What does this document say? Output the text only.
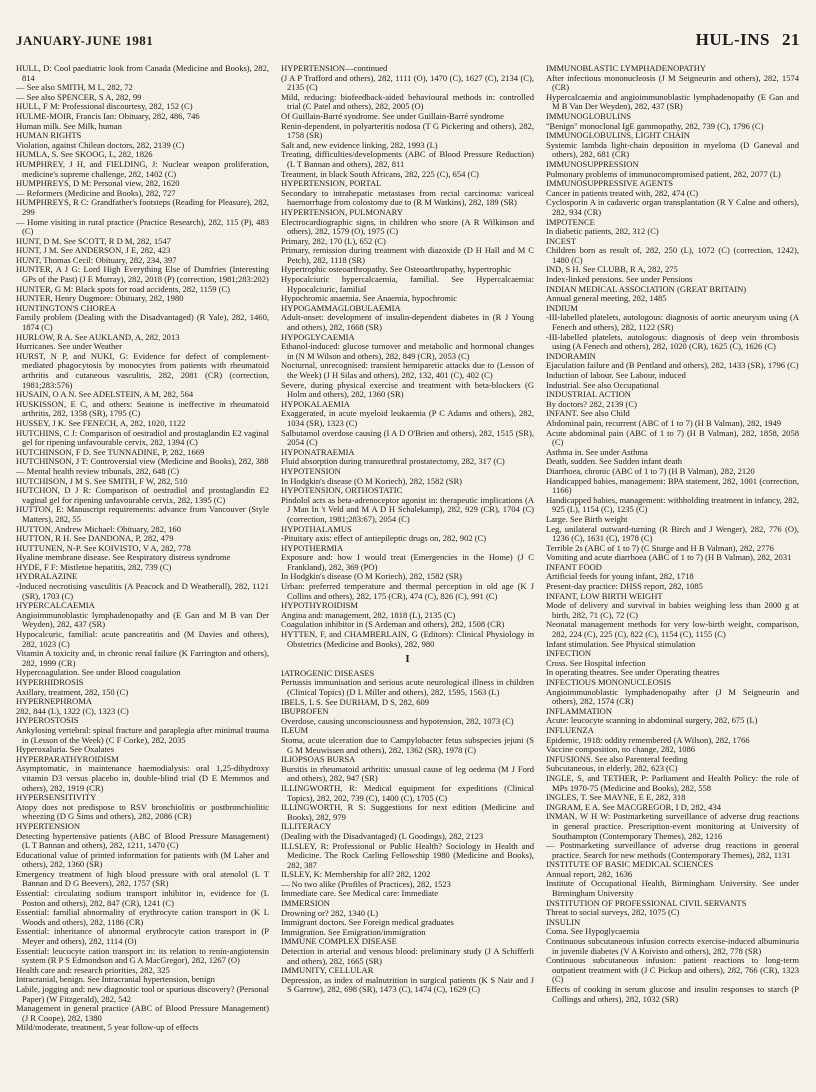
JANUARY-JUNE 1981	HUL-INS 21
HULL, D: Cool paediatric look from Canada (Medicine and Books), 282, 814
— See also SMITH, M L, 282, 72
— See also SPENCER, S A, 282, 99
HULL, F M: Professional discourtesy, 282, 152 (C)
HULME-MOIR, Francis Ian: Obituary, 282, 486, 746
Human milk. See Milk, human
HUMAN RIGHTS
Violation, against Chilean doctors, 282, 2139 (C)
HUMLA, S. See SKOOG, L, 282, 1826
HUMPHREY, J H, and FIELDING, J: Nuclear weapon proliferation, medicine's supreme challenge, 282, 1402 (C)
HUMPHREYS, D M: Personal view, 282, 1620
— Reformers (Medicine and Books), 282, 727
HUMPHREYS, R C: Grandfather's footsteps (Reading for Pleasure), 282, 299
— Home visiting in rural practice (Practice Research), 282, 115 (P), 483 (C)
HUNT, D M. See SCOTT, R D M, 282, 1547
HUNT, J M. See ANDERSON, J E, 282, 423
HUNT, Thomas Cecil: Obituary, 282, 234, 397
HUNTER, A J G: Lord High Everything Else of Dumfries (Interesting GPs of the Past) (J E Murray), 282, 2018 (P) (correction, 1981;283:202)
HUNTER, G M: Black spots for road accidents, 282, 1159 (C)
HUNTER, Henry Dugmore: Obituary, 282, 1980
HUNTINGTON'S CHOREA
Family problem (Dealing with the Disadvantaged) (R Yale), 282, 1460, 1874 (C)
HURLOW, R A. See AUKLAND, A, 282, 2013
Hurricanes. See under Weather
HURST, N P, and NUKI, G: Evidence for defect of complement-mediated phagocytosis by monocytes from patients with rheumatoid arthritis and cutaneous vasculitis, 282, 2081 (CR) (correction, 1981;283:576)
HUSAIN, O A N. See ADELSTEIN, A M, 282, 564
HUSKISSON, E C, and others: Seatone is ineffective in rheumatoid arthritis, 282, 1358 (SR), 1795 (C)
HUSSEY, J K. See FENECH, A, 282, 1020, 1122
HUTCHINS, C J: Comparison of oestradiol and prostaglandin E2 vaginal gel for ripening unfavourable cervix, 282, 1394 (C)
HUTCHINSON, F D. See TUNNADINE, P, 282, 1669
HUTCHINSON, J T: Controversial view (Medicine and Books), 282, 388
— Mental health review tribunals, 282, 648 (C)
HUTCHISON, J M S. See SMITH, F W, 282, 510
HUTCHON, D J R: Comparison of oestradiol and prostaglandin E2 vaginal gel for ripening unfavourable cervix, 282, 1395 (C)
HUTTON, E: Manuscript requirements: advance from Vancouver (Style Matters), 282, 55
HUTTON, Andrew Michael: Obituary, 282, 160
HUTTON, R H. See DANDONA, P, 282, 479
HUTTUNEN, N-P. See KOIVISTO, V A, 282, 778
Hyaline membrane disease. See Respiratory distress syndrome
HYDE, F F: Mistletoe hepatitis, 282, 739 (C)
HYDRALAZINE
-Induced necrotising vasculitis (A Peacock and D Weatherall), 282, 1121 (SR), 1703 (C)
HYPERCALCAEMIA
Angioimmunoblastic lymphadenopathy and (E Gan and M B van Der Weyden), 282, 437 (SR)
Hypocalcuric, familial: acute pancreatitis and (M Davies and others), 282, 1023 (C)
Vitamin A toxicity and, in chronic renal failure (K Farrington and others), 282, 1999 (CR)
Hypercoagulation. See under Blood coagulation
HYPERHIDROSIS
Axillary, treatment, 282, 150 (C)
HYPERNEPHROMA
282, 844 (L), 1322 (C), 1323 (C)
HYPEROSTOSIS
Ankylosing vertebral: spinal fracture and paraplegia after minimal trauma in (Lesson of the Week) (C F Corke), 282, 2035
Hyperoxaluria. See Oxalates
HYPERPARATHYROIDISM
Asymptomatic, in maintenance haemodialysis: oral 1,25-dihydroxy vitamin D3 versus placebo in, double-blind trial (D E Memmos and others), 282, 1919 (CR)
HYPERSENSITIVITY
Atopy does not predispose to RSV bronchiolitis or postbronchiolitic wheezing (D G Sims and others), 282, 2086 (CR)
HYPERTENSION
Detecting hypertensive patients (ABC of Blood Pressure Management) (L T Bannan and others), 282, 1211, 1470 (C)
Educational value of printed information for patients with (M Laher and others), 282, 1360 (SR)
Emergency treatment of high blood pressure with oral atenolol (L T Bannan and D G Beevers), 282, 1757 (SR)
Essential: circulating sodium transport inhibitor in, evidence for (L Poston and others), 282, 847 (CR), 1241 (C)
Essential: familial abnormality of erythrocyte cation transport in (K L Woods and others), 282, 1186 (CR)
Essential: inheritance of abnormal erythrocyte cation transport in (P Meyer and others), 282, 1114 (O)
Essential: leucocyte cation transport in: its relation to renin-angiotensin system (R P S Edmondson and G A MacGregor), 282, 1267 (O)
Health care and: research priorities, 282, 325
Intracranial, benign. See Intracranial hypertension, benign
Labile, jogging and: new diagnostic tool or spurious discovery? (Personal Paper) (W Fitzgerald), 282, 542
Management in general practice (ABC of Blood Pressure Management) (J R Coope), 282, 1380
Mild/moderate, treatment, 5 year follow-up of effects
HYPERTENSION—continued
(J A P Trafford and others), 282, 1111 (O), 1470 (C), 1627 (C), 2134 (C), 2135 (C)
Mild, reducing: biofeedback-aided behavioural methods in: controlled trial (C Patel and others), 282, 2005 (O)
Of Guillain-Barré syndrome. See under Guillain-Barré syndrome
Renin-dependent, in polyarteritis nodosa (T G Pickering and others), 282, 1758 (SR)
Salt and, new evidence linking, 282, 1993 (L)
Treating, difficulties/developments (ABC of Blood Pressure Reduction) (L T Bannan and others), 282, 811
Treatment, in black South Africans, 282, 225 (C), 654 (C)
HYPERTENSION, PORTAL
Secondary to intrahepatic metastases from rectal carcinoma: variceal haemorrhage from colostomy due to (R M Watkins), 282, 189 (SR)
HYPERTENSION, PULMONARY
Electrocardiographic signs, in children who snore (A R Wilkinson and others), 282, 1579 (O), 1975 (C)
Primary, 282, 170 (L), 652 (C)
Primary, remission during treatment with diazoxide (D H Hall and M C Petch), 282, 1118 (SR)
Hypertrophic osteoarthropathy. See Osteoarthropathy, hypertrophic
Hypocalciuric hypercalcaemia, familial. See Hypercalcaemia: Hypocalciuric, familial
Hypochromic anaemia. See Anaemia, hypochromic
HYPOGAMMAGLOBULAEMIA
Adult-onset: development of insulin-dependent diabetes in (R J Young and others), 282, 1668 (SR)
HYPOGLYCAEMIA
Ethanol-induced: glucose turnover and metabolic and hormonal changes in (N M Wilson and others), 282, 849 (CR), 2053 (C)
Nocturnal, unrecognised: transient hemiparetic attacks due to (Lesson of the Week) (J H Silas and others), 282, 132, 401 (C), 402 (C)
Severe, during physical exercise and treatment with beta-blockers (G Holm and others), 282, 1360 (SR)
HYPOKALAEMIA
Exaggerated, in acute myeloid leukaemia (P C Adams and others), 282, 1034 (SR), 1323 (C)
Salbutamol overdose causing (I A D O'Brien and others), 282, 1515 (SR), 2054 (C)
HYPONATRAEMIA
Fluid absorption during transurethral prostatectomy, 282, 317 (C)
HYPOTENSION
In Hodgkin's disease (O M Koriech), 282, 1582 (SR)
HYPOTENSION, ORTHOSTATIC
Pindolol acts as beta-adrenoceptor agonist in: therapeutic implications (A J Man In 't Veld and M A D H Schalekamp), 282, 929 (CR), 1704 (C) (correction, 1981;283:67), 2054 (C)
HYPOTHALAMUS
-Pituitary axis: effect of antiepileptic drugs on, 282, 902 (C)
HYPOTHERMIA
Exposure and: how I would treat (Emergencies in the Home) (J C Frankland), 282, 369 (PO)
In Hodgkin's disease (O M Koriech), 282, 1582 (SR)
Urban: preferred temperature and thermal perception in old age (K J Collins and others), 282, 175 (CR), 474 (C), 826 (C), 991 (C)
HYPOTHYROIDISM
Angina and: management, 282, 1818 (L), 2135 (C)
Coagulation inhibitor in (S Ardeman and others), 282, 1508 (CR)
HYTTEN, F, and CHAMBERLAIN, G (Editors): Clinical Physiology in Obstetrics (Medicine and Books), 282, 980
I
IATROGENIC DISEASES
Pertussis immunisation and serious acute neurological illness in children (Clinical Topics) (D L Miller and others), 282, 1595, 1563 (L)
IBELS, L S. See DURHAM, D S, 282, 609
IBUPROFEN
Overdose, causing unconsciousness and hypotension, 282, 1073 (C)
ILEUM
Stoma, acute ulceration due to Campylobacter fetus subspecies jejuni (S G M Meuwissen and others), 282, 1362 (SR), 1978 (C)
ILIOPSOAS BURSA
Bursitis in rheumatoid arthritis: unusual cause of leg oedema (M J Ford and others), 282, 947 (SR)
ILLINGWORTH, R: Medical equipment for expeditions (Clinical Topics), 282, 202, 739 (C), 1400 (C), 1705 (C)
ILLINGWORTH, R S: Suggestions for next edition (Medicine and Books), 282, 979
ILLITERACY
(Dealing with the Disadvantaged) (L Goodings), 282, 2123
ILLSLEY, R: Professional or Public Health? Sociology in Health and Medicine. The Rock Carling Fellowship 1980 (Medicine and Books), 282, 387
ILSLEY, K: Membership for all? 282, 1202
— No two alike (Profiles of Practices), 282, 1523
Immediate care. See Medical care: Immediate
IMMERSION
Drowning or? 282, 1340 (L)
Immigrant doctors. See Foreign medical graduates
Immigration. See Emigration/immigration
IMMUNE COMPLEX DISEASE
Detection in arterial and venous blood: preliminary study (J A Schifferli and others), 282, 1665 (SR)
IMMUNITY, CELLULAR
Depression, as index of malnutrition in surgical patients (K S Nair and J S Garrow), 282, 698 (SR), 1473 (C), 1474 (C), 1629 (C)
IMMUNOBLASTIC LYMPHADENOPATHY
After infectious mononucleosis (J M Seigneurin and others), 282, 1574 (CR)
Hypercalcaemia and angioimmunoblastic lymphadenopathy (E Gan and M B Van Der Weyden), 282, 437 (SR)
IMMUNOGLOBULINS
"Benign" monoclonal IgE gammopathy, 282, 739 (C), 1796 (C)
IMMUNOGLOBULINS, LIGHT CHAIN
Systemic lambda light-chain deposition in myeloma (D Ganeval and others), 282, 681 (CR)
IMMUNOSUPPRESSION
Pulmonary problems of immunocompromised patient, 282, 2077 (L)
IMMUNOSUPPRESSIVE AGENTS
Cancer in patients treated with, 282, 474 (C)
Cyclosporin A in cadaveric organ transplantation (R Y Calne and others), 282, 934 (CR)
IMPOTENCE
In diabetic patients, 282, 312 (C)
INCEST
Children born as result of, 282, 250 (L), 1072 (C) (correction, 1242), 1480 (C)
IND, S H. See CLUBB, R A, 282, 275
Index-linked pensions. See under Pensions
INDIAN MEDICAL ASSOCIATION (GREAT BRITAIN)
Annual general meeting, 282, 1485
INDIUM
-III-labelled platelets, autologous: diagnosis of aortic aneurysm using (A Fenech and others), 282, 1122 (SR)
-III-labelled platelets, autologous: diagnosis of deep vein thrombosis using (A Fenech and others), 282, 1020 (CR), 1625 (C), 1626 (C)
INDORAMIN
Ejaculation failure and (B Pentland and others), 282, 1433 (SR), 1796 (C)
Induction of labour. See Labour, induced
Industrial. See also Occupational
INDUSTRIAL ACTION
By doctors? 282, 2139 (C)
INFANT. See also Child
Abdominal pain, recurrent (ABC of 1 to 7) (H B Valman), 282, 1949
Acute abdominal pain (ABC of 1 to 7) (H B Valman), 282, 1858, 2058 (C)
Asthma in. See under Asthma
Death, sudden. See Sudden infant death
Diarrhoea, chronic (ABC of 1 to 7) (H B Valman), 282, 2120
Handicapped babies, management: BPA statement, 282, 1001 (correction, 1166)
Handicapped babies, management: withholding treatment in infancy, 282, 925 (L), 1154 (C), 1235 (C)
Large. See Birth weight
Leg, unilateral outward-turning (R Birch and J Wenger), 282, 776 (O), 1236 (C), 1631 (C), 1978 (C)
Terrible 2s (ABC of 1 to 7) (C Sturge and H B Valman), 282, 2776
Vomiting and acute diarrhoea (ABC of 1 to 7) (H B Valman), 282, 2031
INFANT FOOD
Artificial feeds for young infant, 282, 1718
Present-day practice: DHSS report, 282, 1085
INFANT, LOW BIRTH WEIGHT
Mode of delivery and survival in babies weighing less than 2000 g at birth, 282, 71 (C), 72 (C)
Neonatal management methods for very low-birth weight, comparison, 282, 224 (C), 225 (C), 822 (C), 1154 (C), 1155 (C)
Infant stimulation. See Physical stimulation
INFECTION
Cross. See Hospital infection
In operating theatres. See under Operating theatres
INFECTIOUS MONONUCLEOSIS
Angioimmunoblastic lymphadenopathy after (J M Seigneurin and others), 282, 1574 (CR)
INFLAMMATION
Acute: leucocyte scanning in abdominal surgery, 282, 675 (L)
INFLUENZA
Epidemic, 1918: oddity remembered (A Wilson), 282, 1766
Vaccine composition, no change, 282, 1086
INFUSIONS. See also Parenteral feeding
Subcutaneous, in elderly, 282, 623 (C)
INGLE, S, and TETHER, P: Parliament and Health Policy: the role of MPs 1970-75 (Medicine and Books), 282, 558
INGLES, T. See MAYNE, E E, 282, 318
INGRAM, E A. See MACGREGOR, I D, 282, 434
INMAN, W H W: Postmarketing surveillance of adverse drug reactions in general practice. Prescription-event monitoring at University of Southampton (Contemporary Themes), 282, 1216
— Postmarketing surveillance of adverse drug reactions in general practice. Search for new methods (Contemporary Themes), 282, 1131
INSTITUTE OF BASIC MEDICAL SCIENCES
Annual report, 282, 1636
Institute of Occupational Health, Birmingham University. See under Birmingham University
INSTITUTION OF PROFESSIONAL CIVIL SERVANTS
Threat to social surveys, 282, 1075 (C)
INSULIN
Coma. See Hypoglycaemia
Continuous subcutaneous infusion corrects exercise-induced albuminuria in juvenile diabetes (V A Koivisto and others), 282, 778 (SR)
Continuous subcutaneous infusion: patient reactions to long-term outpatient treatment with (J C Pickup and others), 282, 766 (CR), 1323 (C)
Effects of cooking in serum glucose and insulin responses to starch (P Collings and others), 282, 1032 (SR)
